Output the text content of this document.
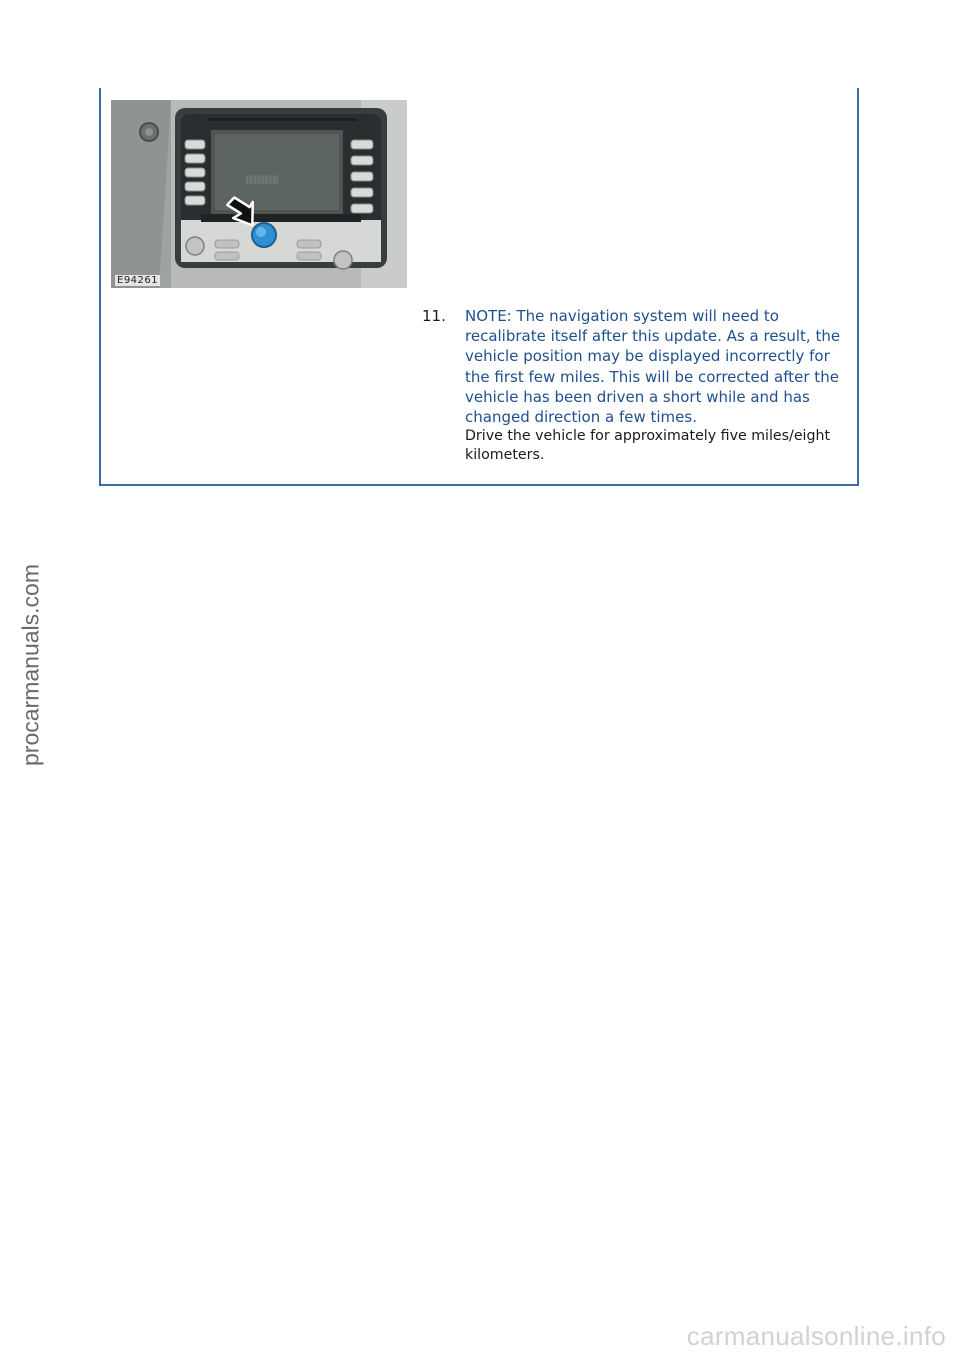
░░░░░░
E94261
11.	NOTE: The navigation system will need to recalibrate itself after this update. As a result, the vehicle position may be displayed incorrectly for the first few miles. This will be corrected after the vehicle has been driven a short while and has changed direction a few times.

Drive the vehicle for approximately five miles/eight kilometers.

procarmanuals.com
carmanualsonline.info
